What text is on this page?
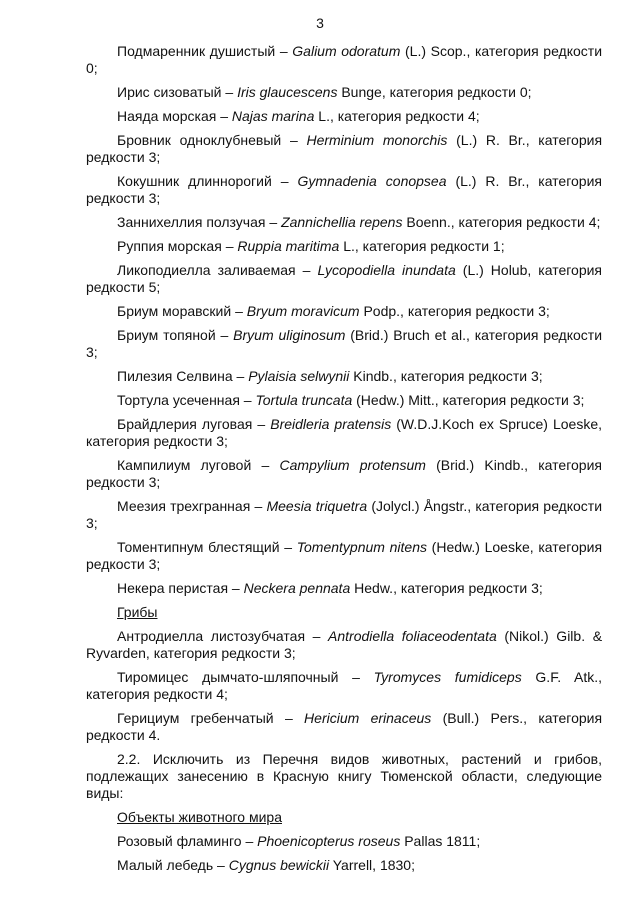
3

Подмаренник душистый – Galium odoratum (L.) Scop., категория редкости 0;

Ирис сизоватый – Iris glaucescens Bunge, категория редкости 0;

Наяда морская – Najas marina L., категория редкости 4;

Бровник одноклубневый – Herminium monorchis (L.) R. Br., категория редкости 3;

Кокушник длиннорогий – Gymnadenia conopsea (L.) R. Br., категория редкости 3;

Заннихеллия ползучая – Zannichellia repens Boenn., категория редкости 4;

Руппия морская – Ruppia maritima L., категория редкости 1;

Ликоподиелла заливаемая – Lycopodiella inundata (L.) Holub, категория редкости 5;

Бриум моравский – Bryum moravicum Podp., категория редкости 3;

Бриум топяной – Bryum uliginosum (Brid.) Bruch et al., категория редкости 3;

Пилезия Селвина – Pylaisia selwynii Kindb., категория редкости 3;

Тортула усеченная – Tortula truncata (Hedw.) Mitt., категория редкости 3;

Брайдлерия луговая – Breidleria pratensis (W.D.J.Koch ex Spruce) Loeske, категория редкости 3;

Кампилиум луговой – Campylium protensum (Brid.) Kindb., категория редкости 3;

Меезия трехгранная – Meesia triquetra (Jolycl.) Ångstr., категория редкости 3;

Томентипнум блестящий – Tomentypnum nitens (Hedw.) Loeske, категория редкости 3;

Некера перистая – Neckera pennata Hedw., категория редкости 3;

Грибы

Антродиелла листозубчатая – Antrodiella foliaceodentata (Nikol.) Gilb. & Ryvarden, категория редкости 3;

Тиромицес дымчато-шляпочный – Tyromyces fumidiceps G.F. Atk., категория редкости 4;

Герициум гребенчатый – Hericium erinaceus (Bull.) Pers., категория редкости 4.

2.2. Исключить из Перечня видов животных, растений и грибов, подлежащих занесению в Красную книгу Тюменской области, следующие виды:

Объекты животного мира

Розовый фламинго – Phoenicopterus roseus Pallas 1811;

Малый лебедь – Cygnus bewickii Yarrell, 1830;
